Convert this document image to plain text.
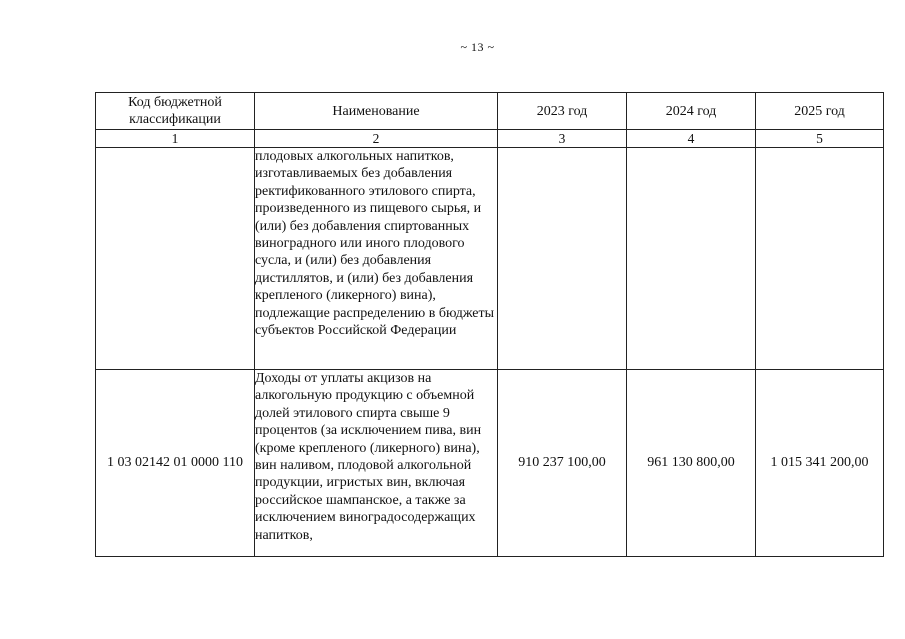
~ 13 ~
Код бюджетной классификации	Наименование	2023 год	2024 год	2025 год
1	2	3	4	5
	плодовых алкогольных напитков, изготавливаемых без добавления ректификованного этилового спирта, произведенного из пищевого сырья, и (или) без добавления спиртованных виноградного или иного плодового сусла, и (или) без добавления дистиллятов, и (или) без добавления крепленого (ликерного) вина), подлежащие распределению в бюджеты субъектов Российской Федерации			
1 03 02142 01 0000 110	Доходы от уплаты акцизов на алкогольную продукцию с объемной долей этилового спирта свыше 9 процентов (за исключением пива, вин (кроме крепленого (ликерного) вина), вин наливом, плодовой алкогольной продукции, игристых вин, включая российское шампанское, а также за исключением виноградосодержащих напитков,	910 237 100,00	961 130 800,00	1 015 341 200,00
